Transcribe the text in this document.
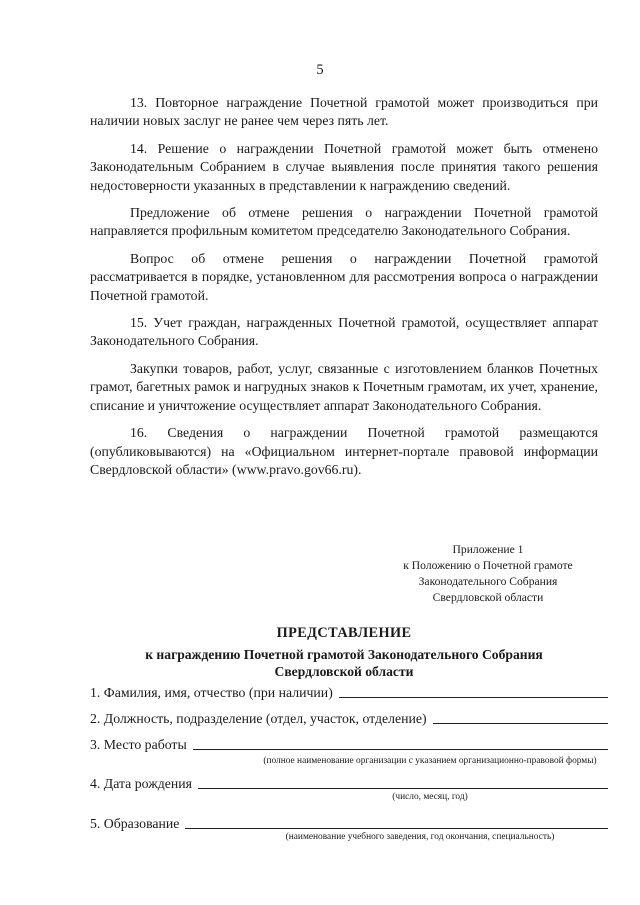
5

13. Повторное награждение Почетной грамотой может производиться при наличии новых заслуг не ранее чем через пять лет.

14. Решение о награждении Почетной грамотой может быть отменено Законодательным Собранием в случае выявления после принятия такого решения недостоверности указанных в представлении к награждению сведений.

Предложение об отмене решения о награждении Почетной грамотой направляется профильным комитетом председателю Законодательного Собрания.

Вопрос об отмене решения о награждении Почетной грамотой рассматривается в порядке, установленном для рассмотрения вопроса о награждении Почетной грамотой.

15. Учет граждан, награжденных Почетной грамотой, осуществляет аппарат Законодательного Собрания.

Закупки товаров, работ, услуг, связанные с изготовлением бланков Почетных грамот, багетных рамок и нагрудных знаков к Почетным грамотам, их учет, хранение, списание и уничтожение осуществляет аппарат Законодательного Собрания.

16. Сведения о награждении Почетной грамотой размещаются (опубликовываются) на «Официальном интернет-портале правовой информации Свердловской области» (www.pravo.gov66.ru).

Приложение 1
к Положению о Почетной грамоте
Законодательного Собрания
Свердловской области
ПРЕДСТАВЛЕНИЕ
к награждению Почетной грамотой Законодательного Собрания
Свердловской области
1. Фамилия, имя, отчество (при наличии)
2. Должность, подразделение (отдел, участок, отделение)
3. Место работы
(полное наименование организации с указанием организационно-правовой формы)
4. Дата рождения
(число, месяц, год)
5. Образование
(наименование учебного заведения, год окончания, специальность)
